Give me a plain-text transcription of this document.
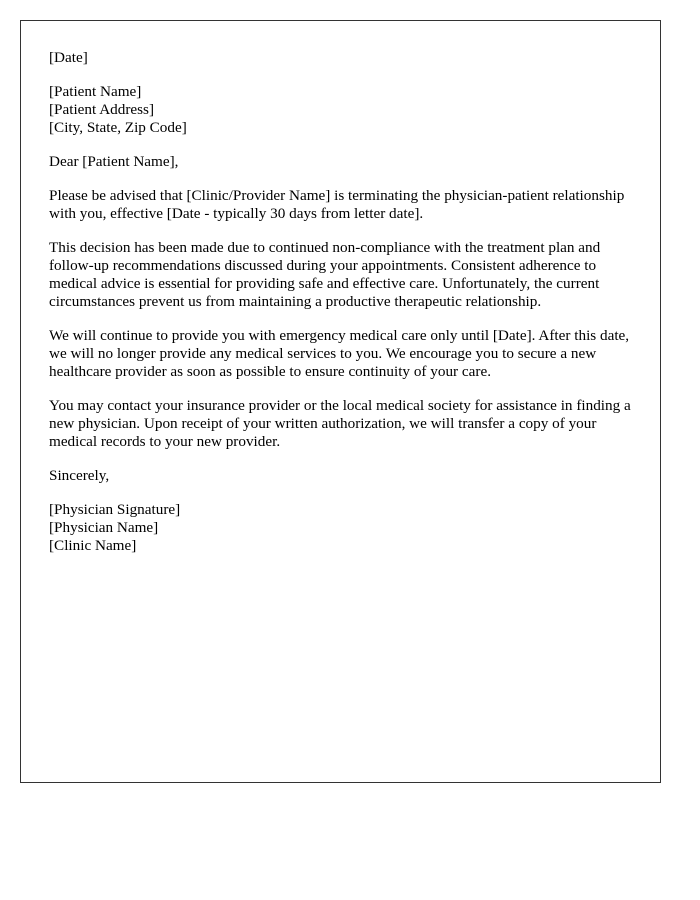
[Date]

[Patient Name]
[Patient Address]
[City, State, Zip Code]

Dear [Patient Name],

Please be advised that [Clinic/Provider Name] is terminating the physician-patient relationship with you, effective [Date - typically 30 days from letter date].

This decision has been made due to continued non-compliance with the treatment plan and follow-up recommendations discussed during your appointments. Consistent adherence to medical advice is essential for providing safe and effective care. Unfortunately, the current circumstances prevent us from maintaining a productive therapeutic relationship.

We will continue to provide you with emergency medical care only until [Date]. After this date, we will no longer provide any medical services to you. We encourage you to secure a new healthcare provider as soon as possible to ensure continuity of your care.

You may contact your insurance provider or the local medical society for assistance in finding a new physician. Upon receipt of your written authorization, we will transfer a copy of your medical records to your new provider.

Sincerely,

[Physician Signature]
[Physician Name]
[Clinic Name]
